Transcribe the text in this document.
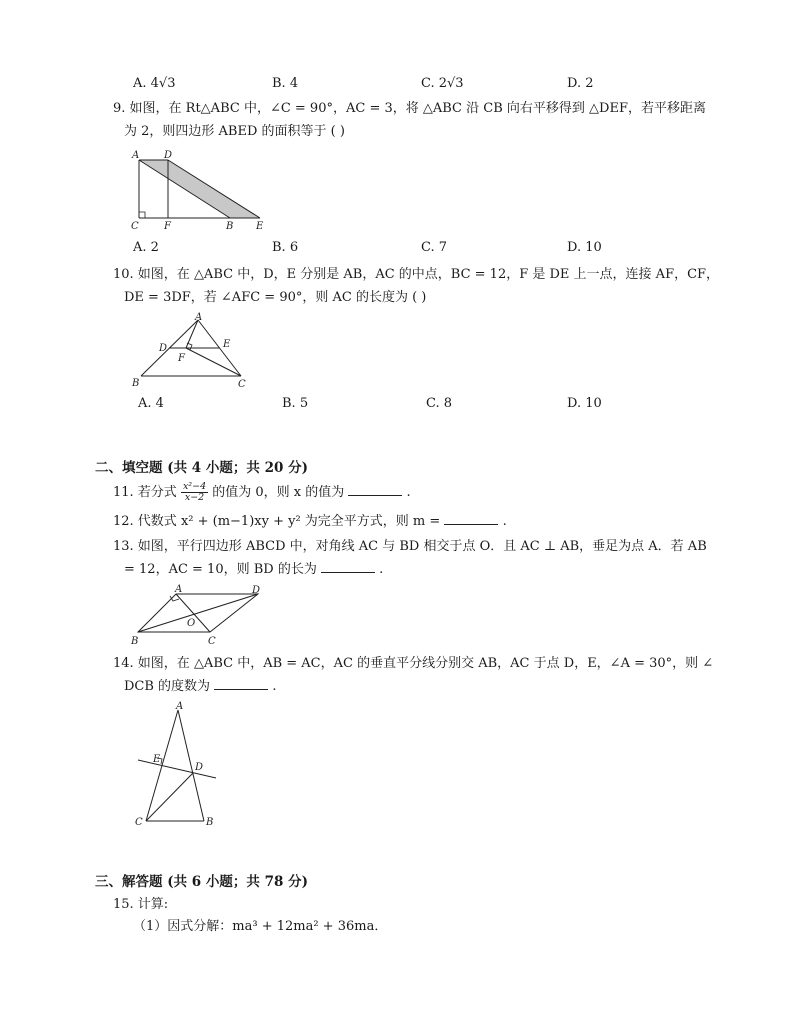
A. 4√3	B. 4	C. 2√3	D. 2
9. 如图，在 Rt△ABC 中，∠C = 90°，AC = 3，将 △ABC 沿 CB 向右平移得到 △DEF，若平移距离
为 2，则四边形 ABED 的面积等于 ( )
A D
C	F	B E
A. 2	B. 6	C. 7	D. 10
10. 如图，在 △ABC 中，D，E 分别是 AB，AC 的中点，BC = 12，F 是 DE 上一点，连接 AF，CF，
DE = 3DF，若 ∠AFC = 90°，则 AC 的长度为 ( )
A
D	E
F
B	C
A. 4	B. 5	C. 8	D. 10
二、填空题 (共 4 小题；共 20 分)
11. 若分式 $\frac{\text{x²−4}}{x-2}$ 的值为 0，则 x 的值为	.
12. 代数式 x² + (m−1)xy + y² 为完全平方式，则 m =	.
13. 如图，平行四边形 ABCD 中，对角线 AC 与 BD 相交于点 O．且 AC ⊥ AB，垂足为点 A．若 AB
= 12，AC = 10，则 BD 的长为	.
A	D
O
B	C
14. 如图，在 △ABC 中，AB = AC，AC 的垂直平分线分别交 AB，AC 于点 D，E，∠A = 30°，则 ∠
DCB 的度数为	.
A
E
D
C	B
三、解答题 (共 6 小题；共 78 分)
15. 计算:
（1）因式分解：ma³ + 12ma² + 36ma．
